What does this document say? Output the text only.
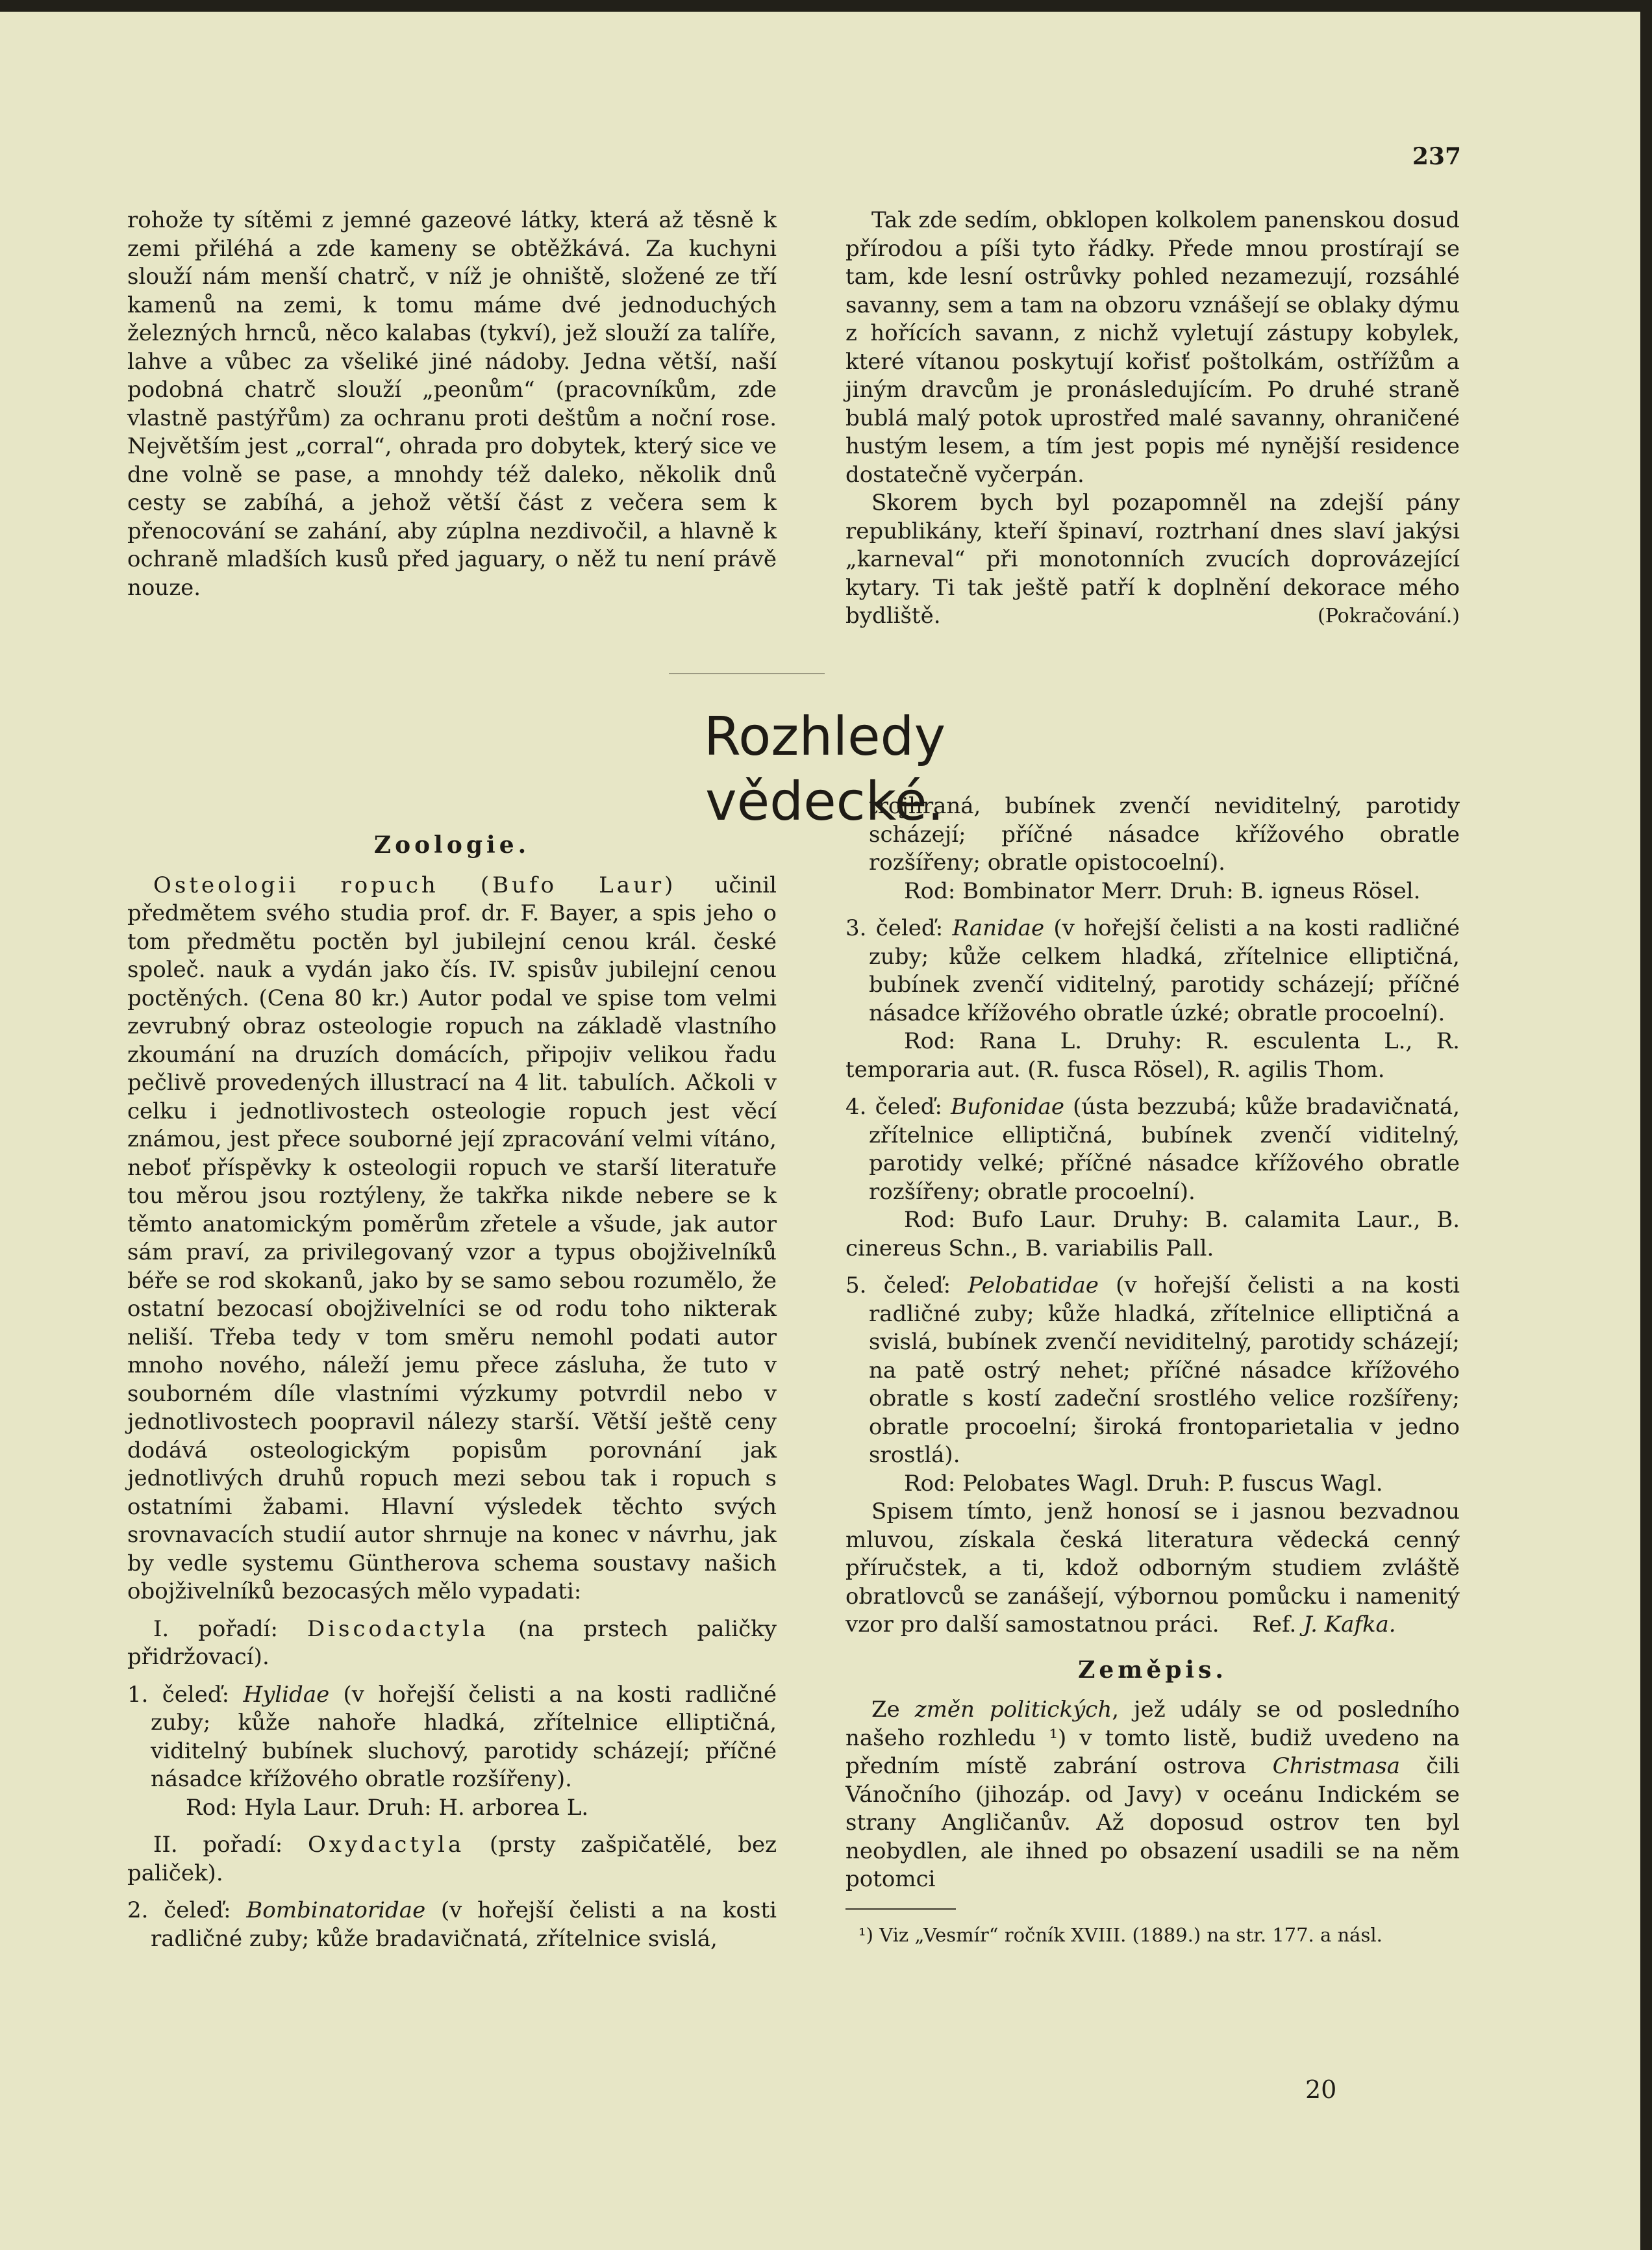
237

rohože ty sítěmi z jemné gazeové látky, která až těsně k zemi přiléhá a zde kameny se obtěžkává. Za kuchyni slouží nám menší chatrč, v níž je ohniště, složené ze tří kamenů na zemi, k tomu máme dvé jednoduchých železných hrnců, něco kalabas (tykví), jež slouží za talíře, lahve a vůbec za všeliké jiné nádoby. Jedna větší, naší podobná chatrč slouží „peonům“ (pracovníkům, zde vlastně pastýřům) za ochranu proti deštům a noční rose. Největším jest „corral“, ohrada pro dobytek, který sice ve dne volně se pase, a mnohdy též daleko, několik dnů cesty se zabíhá, a jehož větší část z večera sem k přenocování se zahání, aby zúplna nezdivočil, a hlavně k ochraně mladších kusů před jaguary, o něž tu není právě nouze.

Tak zde sedím, obklopen kolkolem panenskou dosud přírodou a píši tyto řádky. Přede mnou prostírají se tam, kde lesní ostrůvky pohled nezamezují, rozsáhlé savanny, sem a tam na obzoru vznášejí se oblaky dýmu z hořících savann, z nichž vyletují zástupy kobylek, které vítanou poskytují kořisť poštolkám, ostřížům a jiným dravcům je pronásledujícím. Po druhé straně bublá malý potok uprostřed malé savanny, ohraničené hustým lesem, a tím jest popis mé nynější residence dostatečně vyčerpán.

Skorem bych byl pozapomněl na zdejší pány republikány, kteří špinaví, roztrhaní dnes slaví jakýsi „karneval“ při monotonních zvucích doprovázející kytary. Ti tak ještě patří k doplnění dekorace mého bydliště.	(Pokračování.)
Rozhledy vědecké.
Zoologie.

Osteologii ropuch (Bufo Laur) učinil předmětem svého studia prof. dr. F. Bayer, a spis jeho o tom předmětu poctěn byl jubilejní cenou král. české společ. nauk a vydán jako čís. IV. spisův jubilejní cenou poctěných. (Cena 80 kr.) Autor podal ve spise tom velmi zevrubný obraz osteologie ropuch na základě vlastního zkoumání na druzích domácích, připojiv velikou řadu pečlivě provedených illustrací na 4 lit. tabulích. Ačkoli v celku i jednotlivostech osteologie ropuch jest věcí známou, jest přece souborné její zpracování velmi vítáno, neboť příspěvky k osteologii ropuch ve starší literatuře tou měrou jsou roztýleny, že takřka nikde nebere se k těmto anatomickým poměrům zřetele a všude, jak autor sám praví, za privilegovaný vzor a typus obojživelníků béře se rod skokanů, jako by se samo sebou rozumělo, že ostatní bezocasí obojživelníci se od rodu toho nikterak neliší. Třeba tedy v tom směru nemohl podati autor mnoho nového, náleží jemu přece zásluha, že tuto v souborném díle vlastními výzkumy potvrdil nebo v jednotlivostech poopravil nálezy starší. Větší ještě ceny dodává osteologickým popisům porovnání jak jednotlivých druhů ropuch mezi sebou tak i ropuch s ostatními žabami. Hlavní výsledek těchto svých srovnavacích studií autor shrnuje na konec v návrhu, jak by vedle systemu Güntherova schema soustavy našich obojživelníků bezocasých mělo vypadati:

I. pořadí: Discodactyla (na prstech paličky přidržovací).

1. čeleď: Hylidae (v hořejší čelisti a na kosti radličné zuby; kůže nahoře hladká, zřítelnice elliptičná, viditelný bubínek sluchový, parotidy scházejí; příčné násadce křížového obratle rozšířeny).

Rod: Hyla Laur. Druh: H. arborea L.

II. pořadí: Oxydactyla (prsty zašpičatělé, bez paliček).

2. čeleď: Bombinatoridae (v hořejší čelisti a na kosti radličné zuby; kůže bradavičnatá, zřítelnice svislá,

trojhraná, bubínek zvenčí neviditelný, parotidy scházejí; příčné násadce křížového obratle rozšířeny; obratle opistocoelní).

Rod: Bombinator Merr. Druh: B. igneus Rösel.

3. čeleď: Ranidae (v hořejší čelisti a na kosti radličné zuby; kůže celkem hladká, zřítelnice elliptičná, bubínek zvenčí viditelný, parotidy scházejí; příčné násadce křížového obratle úzké; obratle procoelní).

Rod: Rana L. Druhy: R. esculenta L., R. temporaria aut. (R. fusca Rösel), R. agilis Thom.

4. čeleď: Bufonidae (ústa bezzubá; kůže bradavičnatá, zřítelnice elliptičná, bubínek zvenčí viditelný, parotidy velké; příčné násadce křížového obratle rozšířeny; obratle procoelní).

Rod: Bufo Laur. Druhy: B. calamita Laur., B. cinereus Schn., B. variabilis Pall.

5. čeleď: Pelobatidae (v hořejší čelisti a na kosti radličné zuby; kůže hladká, zřítelnice elliptičná a svislá, bubínek zvenčí neviditelný, parotidy scházejí; na patě ostrý nehet; příčné násadce křížového obratle s kostí zadeční srostlého velice rozšířeny; obratle procoelní; široká frontoparietalia v jedno srostlá).

Rod: Pelobates Wagl. Druh: P. fuscus Wagl.

Spisem tímto, jenž honosí se i jasnou bezvadnou mluvou, získala česká literatura vědecká cenný příručstek, a ti, kdož odborným studiem zvláště obratlovců se zanášejí, výbornou pomůcku i namenitý vzor pro další samostatnou práci. Ref. J. Kafka.

Zeměpis.

Ze změn politických, jež udály se od posledního našeho rozhledu ¹) v tomto listě, budiž uvedeno na předním místě zabrání ostrova Christmasa čili Vánočního (jihozáp. od Javy) v oceánu Indickém se strany Angličanův. Až doposud ostrov ten byl neobydlen, ale ihned po obsazení usadili se na něm potomci

¹) Viz „Vesmír“ ročník XVIII. (1889.) na str. 177. a násl.

20
